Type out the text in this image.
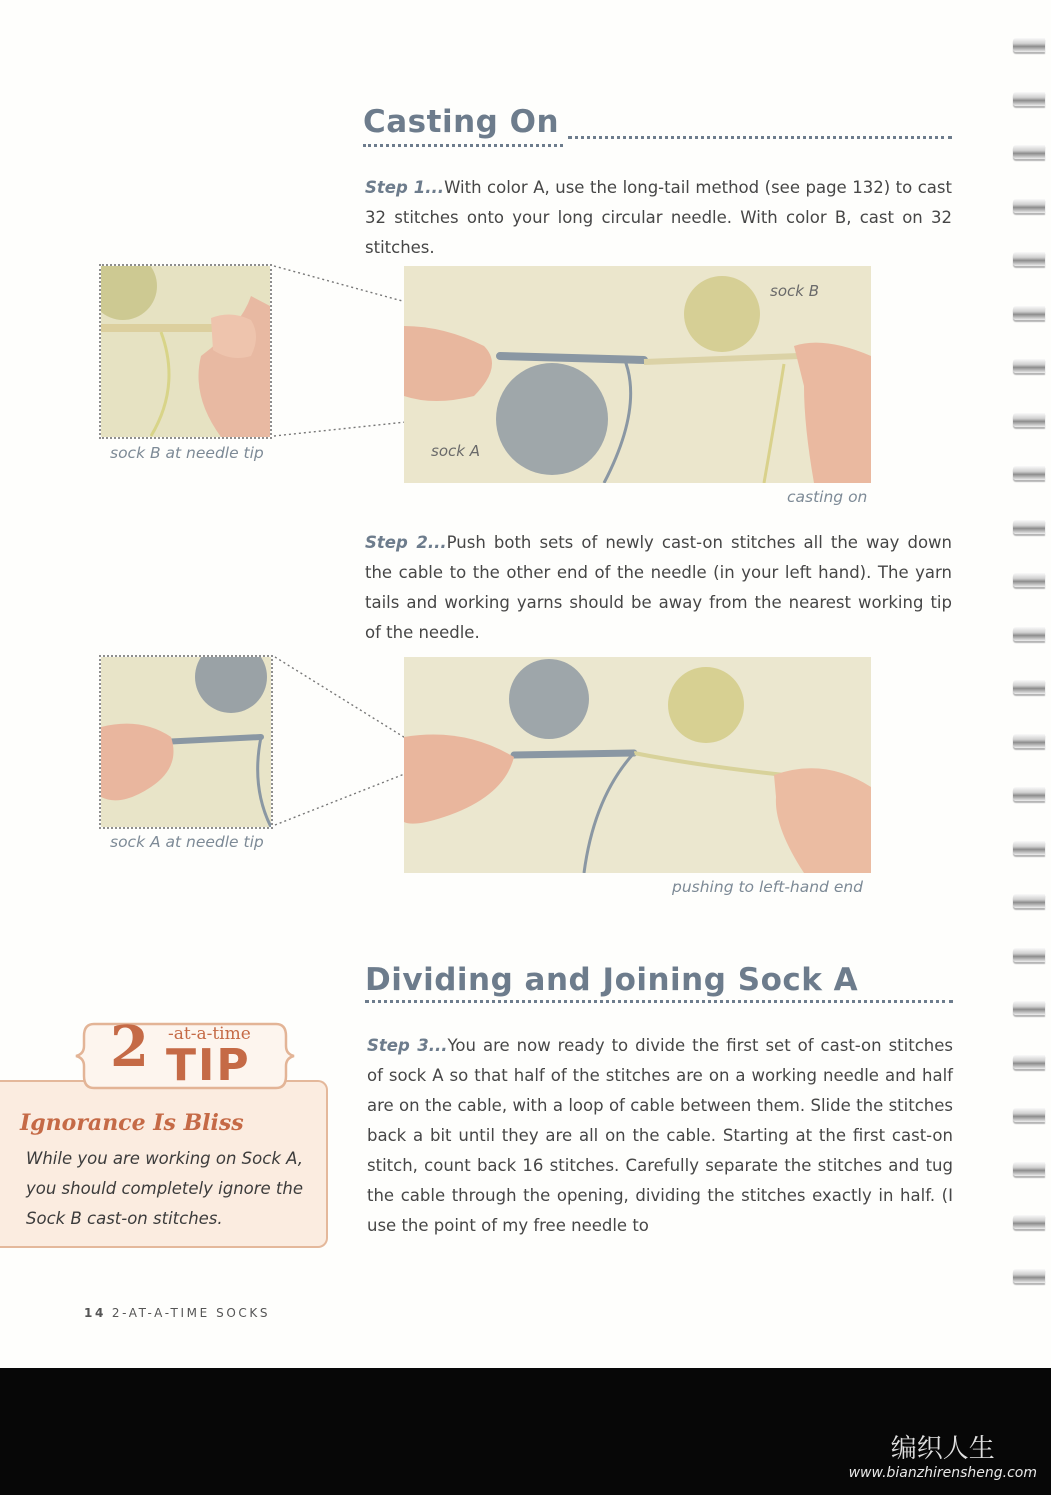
Casting On

Step 1...With color A, use the long-tail method (see page 132) to cast 32 stitches onto your long circular needle. With color B, cast on 32 stitches.

sock B at needle tip
sock B
sock A
casting on

Step 2...Push both sets of newly cast-on stitches all the way down the cable to the other end of the needle (in your left hand). The yarn tails and working yarns should be away from the nearest working tip of the needle.

sock A at needle tip
pushing to left-hand end
Dividing and Joining Sock A

Step 3...You are now ready to divide the first set of cast-on stitches of sock A so that half of the stitches are on a working needle and half are on the cable, with a loop of cable between them. Slide the stitches back a bit until they are all on the cable. Starting at the first cast-on stitch, count back 16 stitches. Carefully separate the stitches and tug the cable through the opening, dividing the stitches exactly in half. (I use the point of my free needle to

2 -at-a-time
TIP
Ignorance Is Bliss

While you are working on Sock A, you should completely ignore the Sock B cast-on stitches.

14 2-AT-A-TIME SOCKS
编织人生
www.bianzhirensheng.com
